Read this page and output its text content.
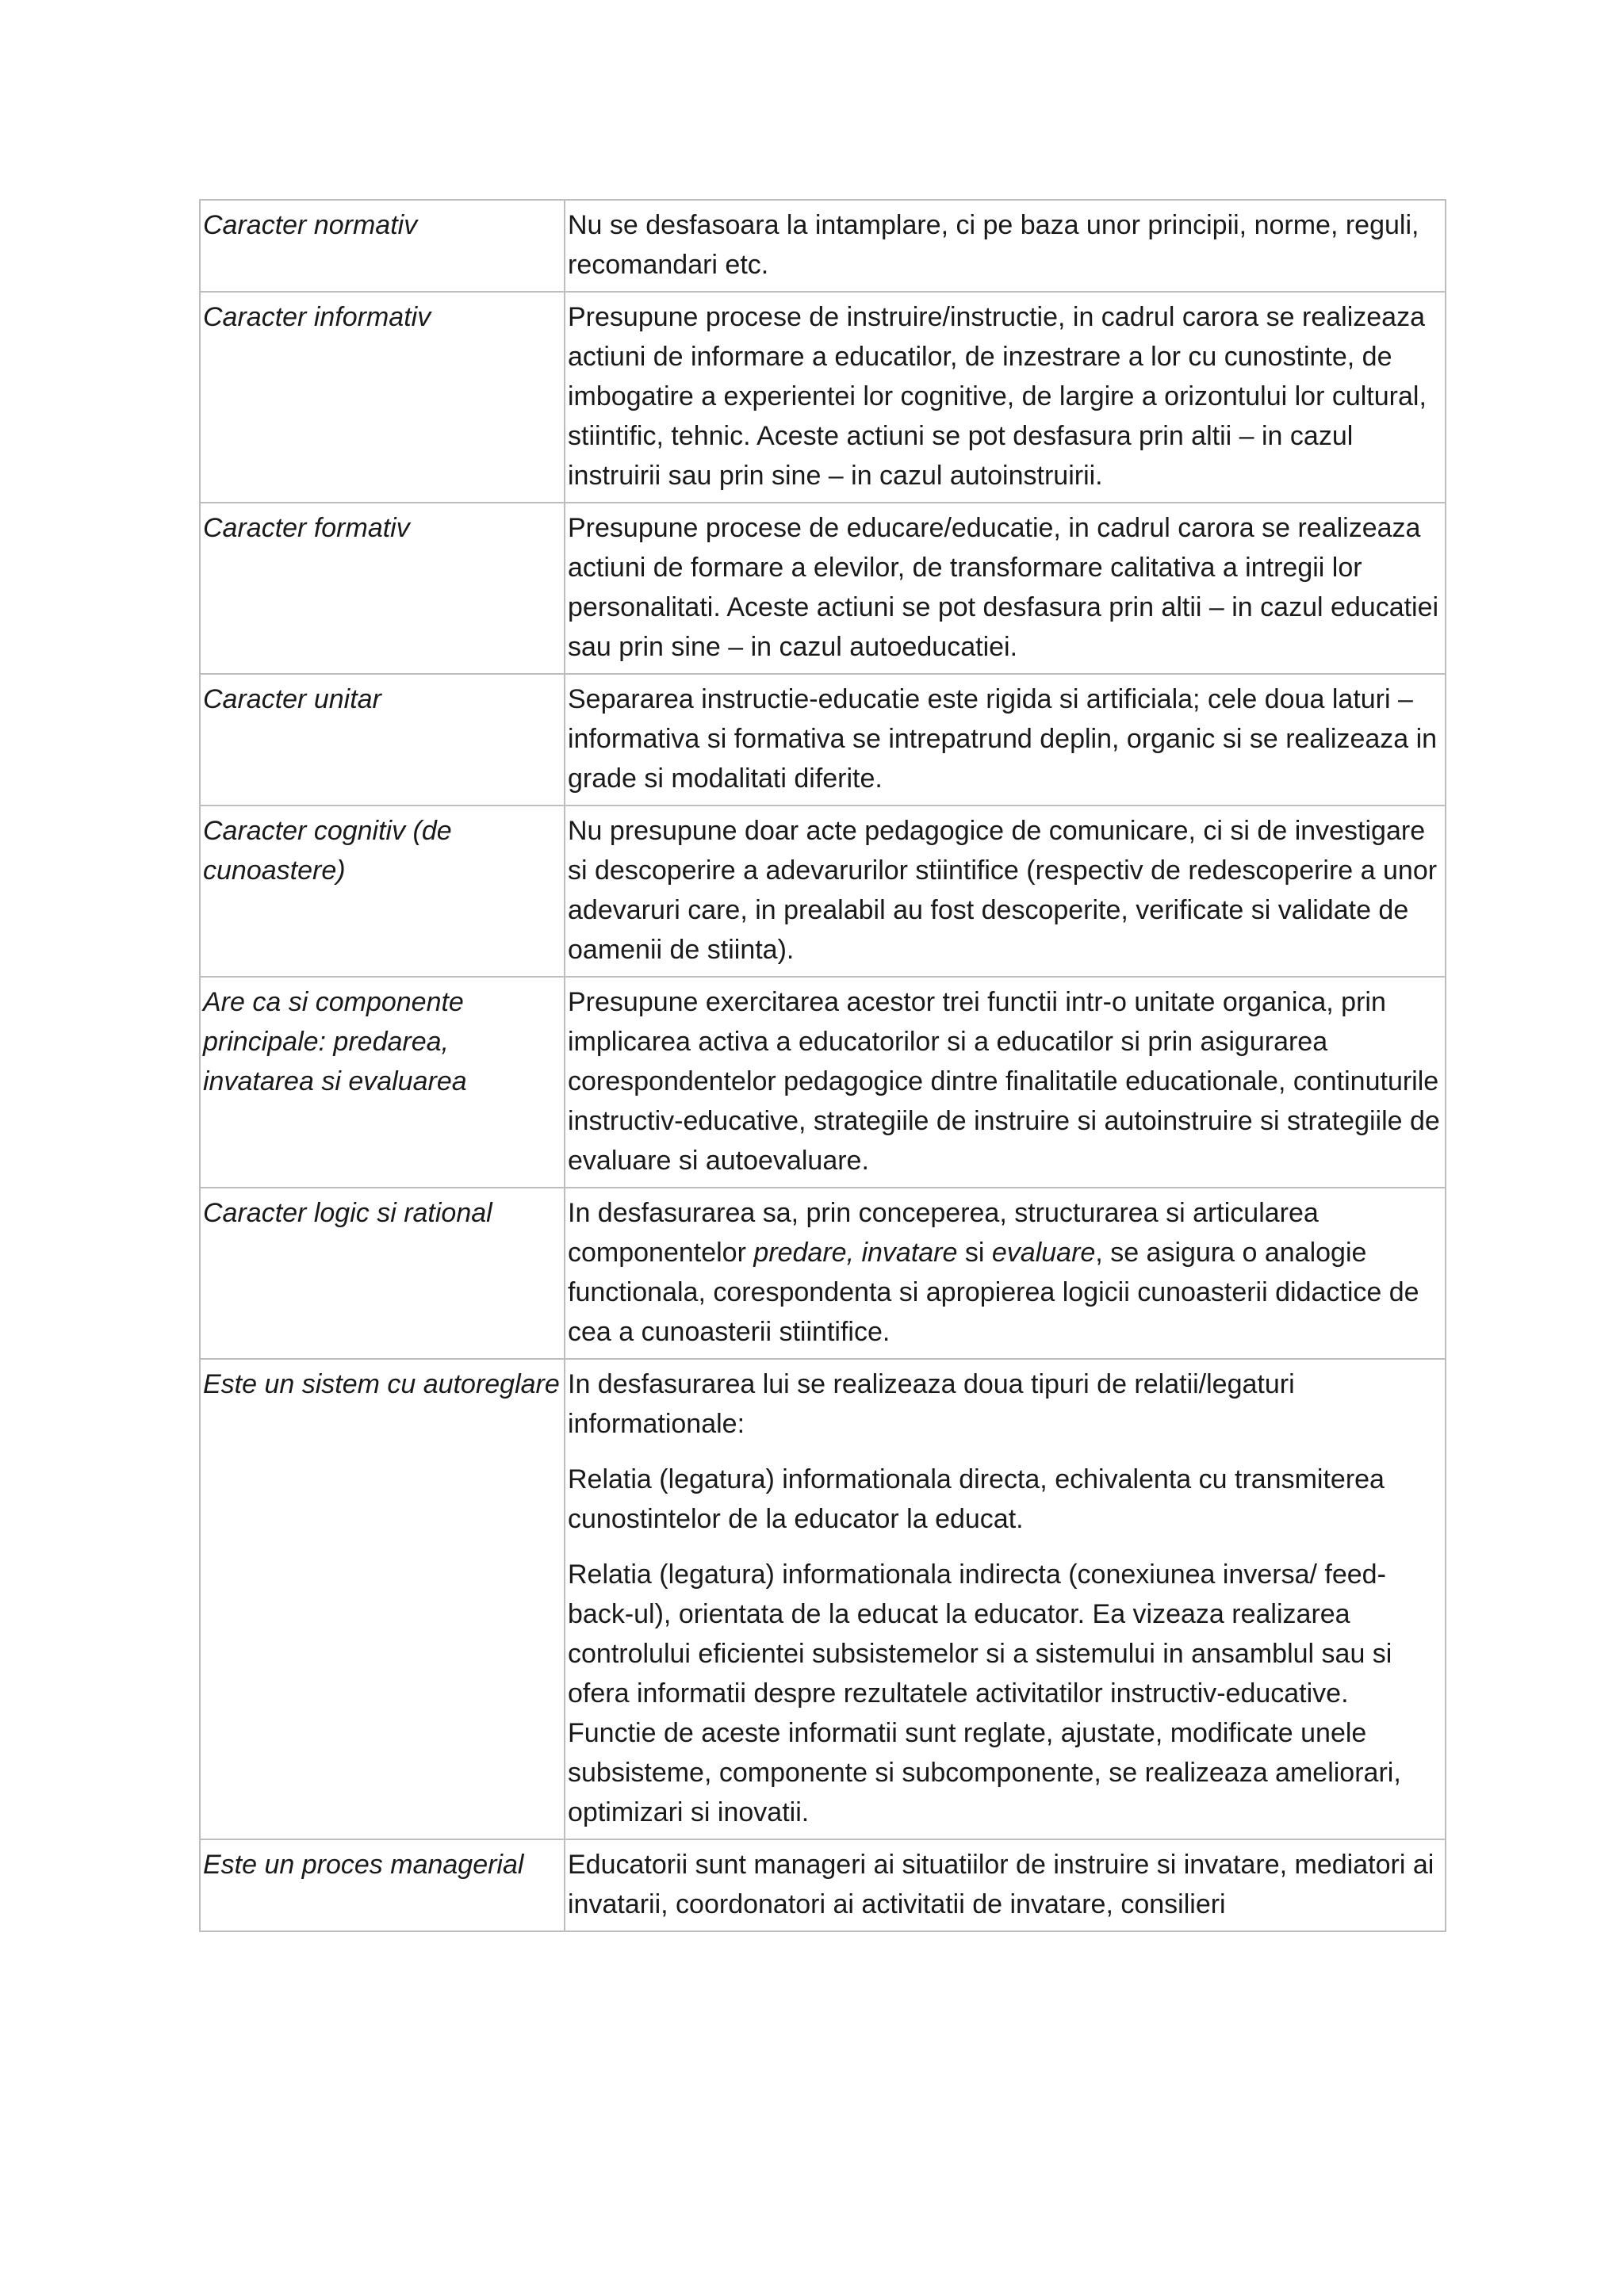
Caracter normativ	Nu se desfasoara la intamplare, ci pe baza unor principii, norme, reguli, recomandari etc.
Caracter informativ	Presupune procese de instruire/instructie, in cadrul carora se realizeaza actiuni de informare a educatilor, de inzestrare a lor cu cunostinte, de imbogatire a experientei lor cognitive, de largire a orizontului lor cultural, stiintific, tehnic. Aceste actiuni se pot desfasura prin altii – in cazul instruirii sau prin sine – in cazul autoinstruirii.
Caracter formativ	Presupune procese de educare/educatie, in cadrul carora se realizeaza actiuni de formare a elevilor, de transformare calitativa a intregii lor personalitati. Aceste actiuni se pot desfasura prin altii – in cazul educatiei sau prin sine – in cazul autoeducatiei.
Caracter unitar	Separarea instructie-educatie este rigida si artificiala; cele doua laturi – informativa si formativa se intrepatrund deplin, organic si se realizeaza in grade si modalitati diferite.
Caracter cognitiv (de cunoastere)	Nu presupune doar acte pedagogice de comunicare, ci si de investigare si descoperire a adevarurilor stiintifice (respectiv de redescoperire a unor adevaruri care, in prealabil au fost descoperite, verificate si validate de oamenii de stiinta).
Are ca si componente principale: predarea, invatarea si evaluarea	Presupune exercitarea acestor trei functii intr-o unitate organica, prin implicarea activa a educatorilor si a educatilor si prin asigurarea corespondentelor pedagogice dintre finalitatile educationale, continuturile instructiv-educative, strategiile de instruire si autoinstruire si strategiile de evaluare si autoevaluare.
Caracter logic si rational	In desfasurarea sa, prin conceperea, structurarea si articularea componentelor predare, invatare si evaluare, se asigura o analogie functionala, corespondenta si apropierea logicii cunoasterii didactice de cea a cunoasterii stiintifice.
Este un sistem cu autoreglare	In desfasurarea lui se realizeaza doua tipuri de relatii/legaturi informationale:

Relatia (legatura) informationala directa, echivalenta cu transmiterea cunostintelor de la educator la educat.

Relatia (legatura) informationala indirecta (conexiunea inversa/ feed-back-ul), orientata de la educat la educator. Ea vizeaza realizarea controlului eficientei subsistemelor si a sistemului in ansamblul sau si ofera informatii despre rezultatele activitatilor instructiv-educative. Functie de aceste informatii sunt reglate, ajustate, modificate unele subsisteme, componente si subcomponente, se realizeaza ameliorari, optimizari si inovatii.

Este un proces managerial	Educatorii sunt manageri ai situatiilor de instruire si invatare, mediatori ai invatarii, coordonatori ai activitatii de invatare, consilieri
